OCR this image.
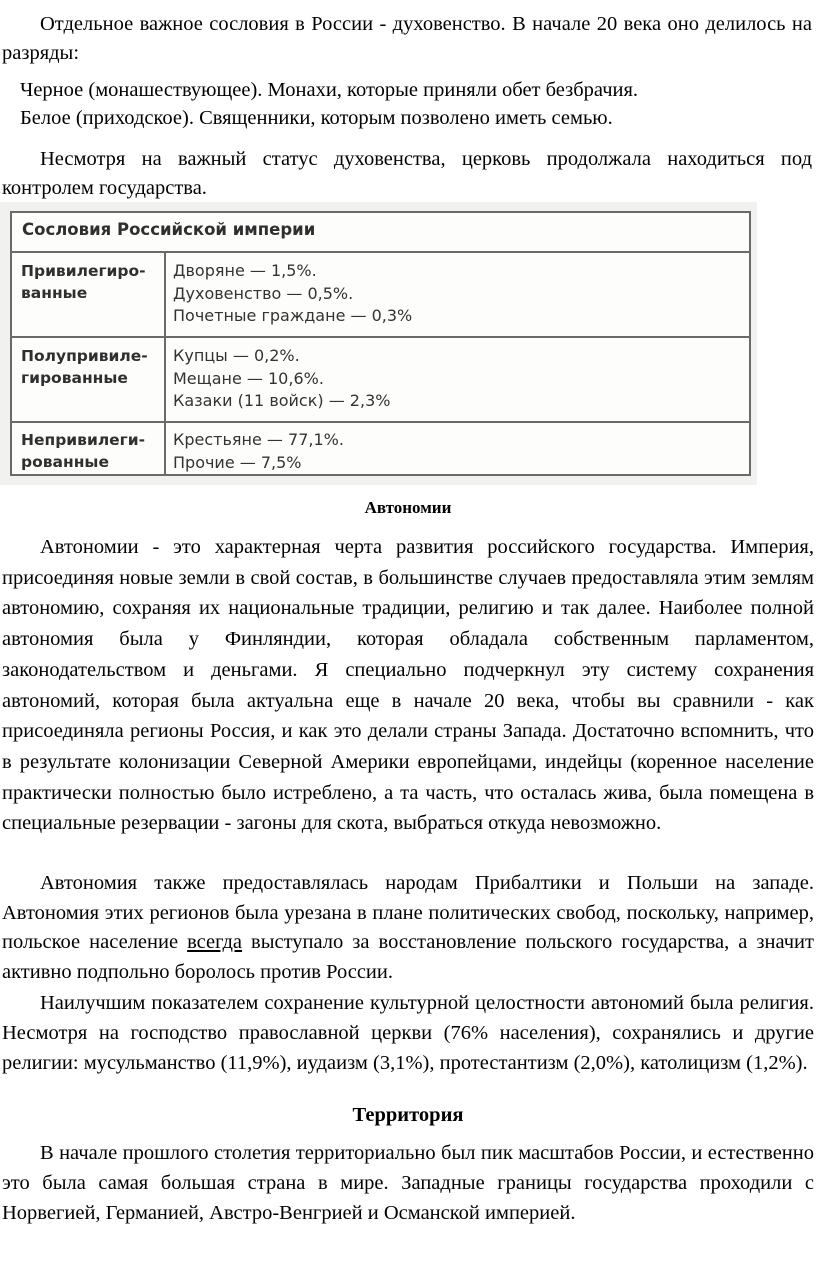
Отдельное важное сословия в России - духовенство. В начале 20 века оно делилось на разряды:

Черное (монашествующее). Монахи, которые приняли обет безбрачия.
Белое (приходское). Священники, которым позволено иметь семью.

Несмотря на важный статус духовенства, церковь продолжала находиться под контролем государства.

Сословия Российской империи
Привилегиро-
ванные
Дворяне — 1,5%.
Духовенство — 0,5%.
Почетные граждане — 0,3%
Полупривиле-
гированные
Купцы — 0,2%.
Мещане — 10,6%.
Казаки (11 войск) — 2,3%
Непривилеги-
рованные
Крестьяне — 77,1%.
Прочие — 7,5%
Автономии

Автономии - это характерная черта развития российского государства. Империя, присоединяя новые земли в свой состав, в большинстве случаев предоставляла этим землям автономию, сохраняя их национальные традиции, религию и так далее. Наиболее полной автономия была у Финляндии, которая обладала собственным парламентом, законодательством и деньгами. Я специально подчеркнул эту систему сохранения автономий, которая была актуальна еще в начале 20 века, чтобы вы сравнили - как присоединяла регионы Россия, и как это делали страны Запада. Достаточно вспомнить, что в результате колонизации Северной Америки европейцами, индейцы (коренное население практически полностью было истреблено, а та часть, что осталась жива, была помещена в специальные резервации - загоны для скота, выбраться откуда невозможно.

Автономия также предоставлялась народам Прибалтики и Польши на западе. Автономия этих регионов была урезана в плане политических свобод, поскольку, например, польское население всегда выступало за восстановление польского государства, а значит активно подпольно боролось против России.

Наилучшим показателем сохранение культурной целостности автономий была религия. Несмотря на господство православной церкви (76% населения), сохранялись и другие религии: мусульманство (11,9%), иудаизм (3,1%), протестантизм (2,0%), католицизм (1,2%).

Территория

В начале прошлого столетия территориально был пик масштабов России, и естественно это была самая большая страна в мире. Западные границы государства проходили с Норвегией, Германией, Австро-Венгрией и Османской империей.
